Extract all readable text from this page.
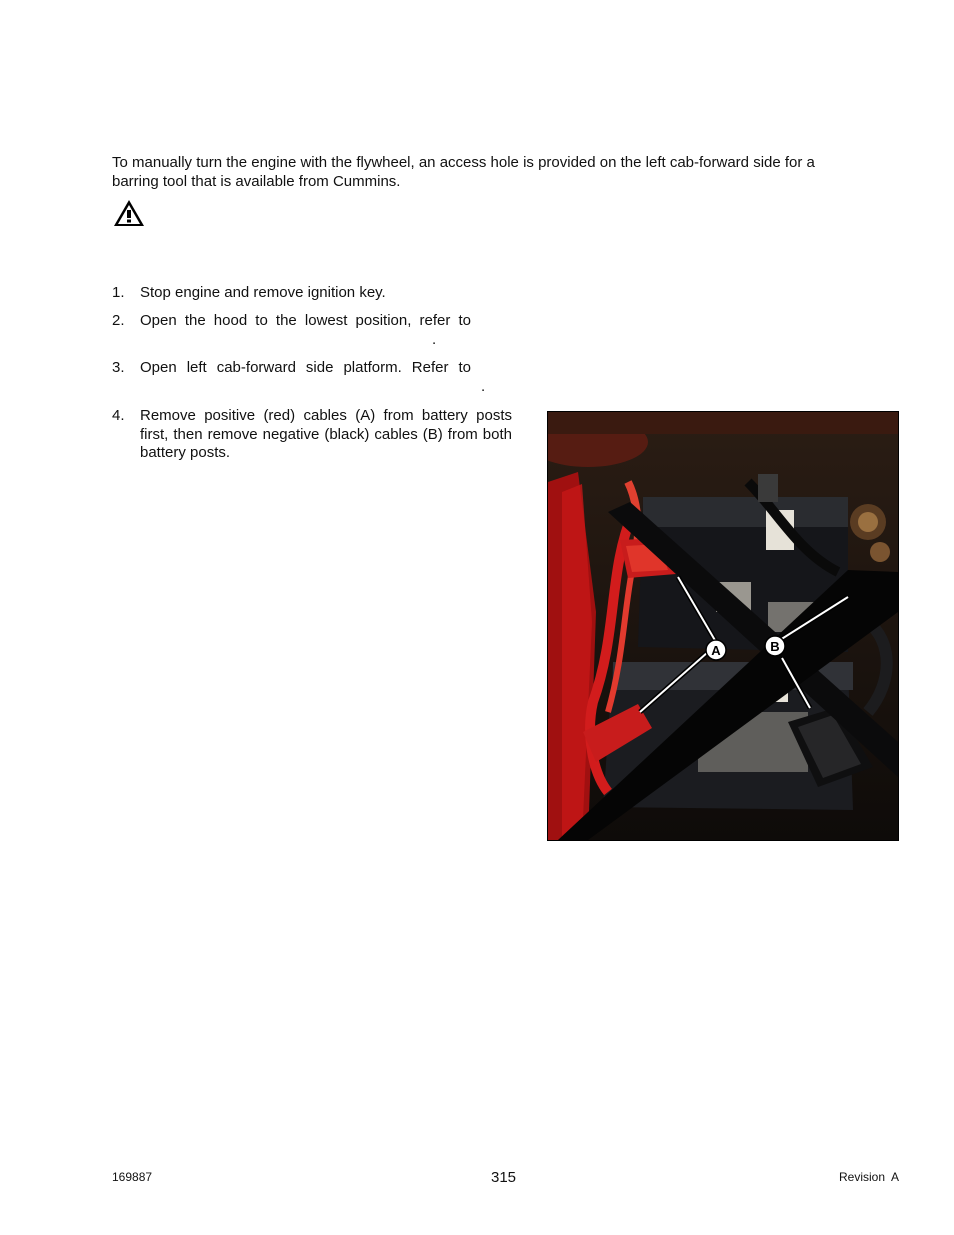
To manually turn the engine with the flywheel, an access hole is provided on the left cab-forward side for a barring tool that is available from Cummins.

1.	Stop engine and remove ignition key.
2.	Open the hood to the lowest position, refer to
.
3.	Open left cab-forward side platform. Refer to
.
4.	Remove positive (red) cables (A) from battery posts first, then remove negative (black) cables (B) from both battery posts.
A	B
169887	315	Revision  A
